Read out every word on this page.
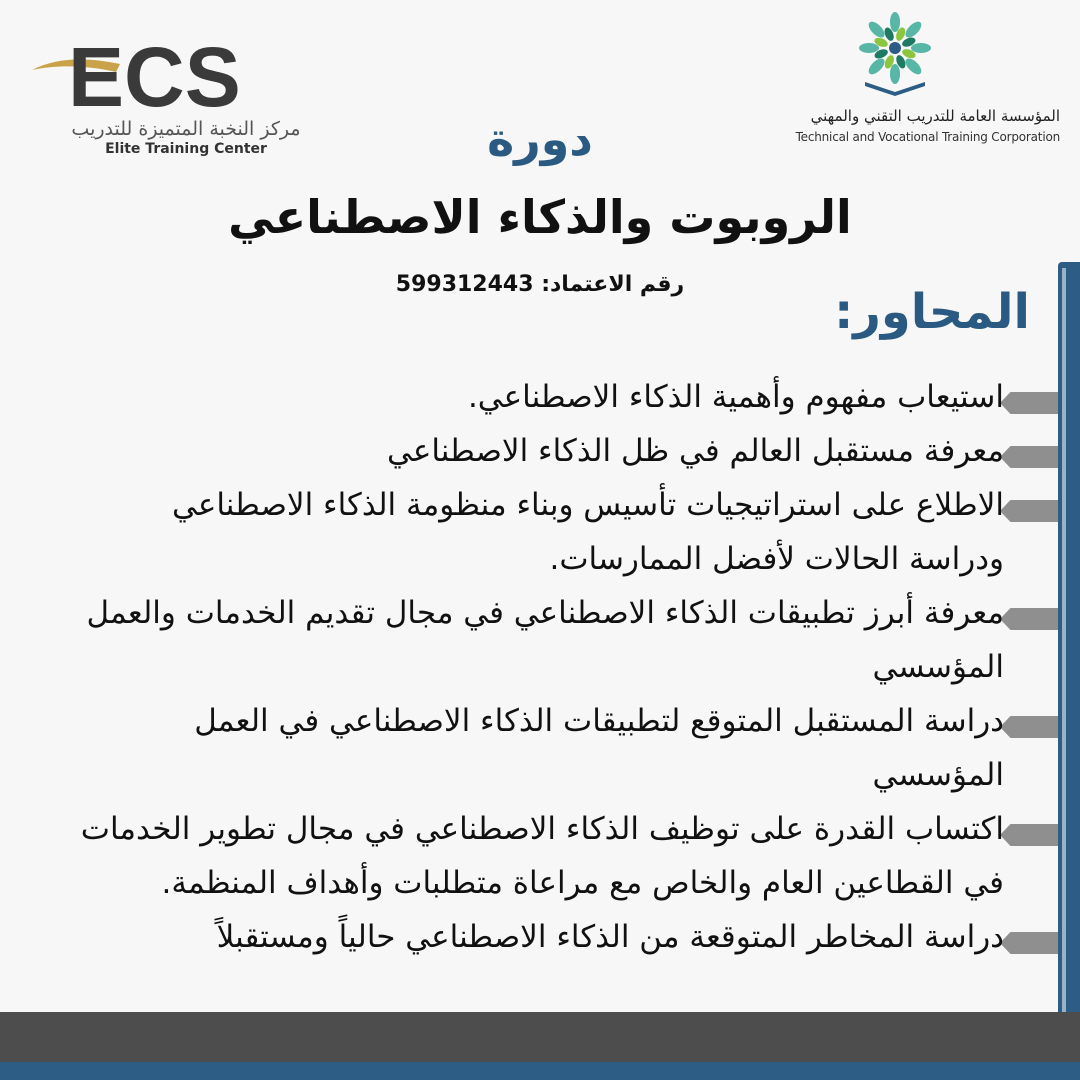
ECS
مركز النخبة المتميزة للتدريب
Elite Training Center
المؤسسة العامة للتدريب التقني والمهني
Technical and Vocational Training Corporation
دورة
الروبوت والذكاء الاصطناعي
رقم الاعتماد: 599312443	المحاور:
استيعاب مفهوم وأهمية الذكاء الاصطناعي.
معرفة مستقبل العالم في ظل الذكاء الاصطناعي
الاطلاع على استراتيجيات تأسيس وبناء منظومة الذكاء الاصطناعي
ودراسة الحالات لأفضل الممارسات.
معرفة أبرز تطبيقات الذكاء الاصطناعي في مجال تقديم الخدمات والعمل
المؤسسي
دراسة المستقبل المتوقع لتطبيقات الذكاء الاصطناعي في العمل
المؤسسي
اكتساب القدرة على توظيف الذكاء الاصطناعي في مجال تطوير الخدمات
في القطاعين العام والخاص مع مراعاة متطلبات وأهداف المنظمة.
دراسة المخاطر المتوقعة من الذكاء الاصطناعي حالياً ومستقبلاً
